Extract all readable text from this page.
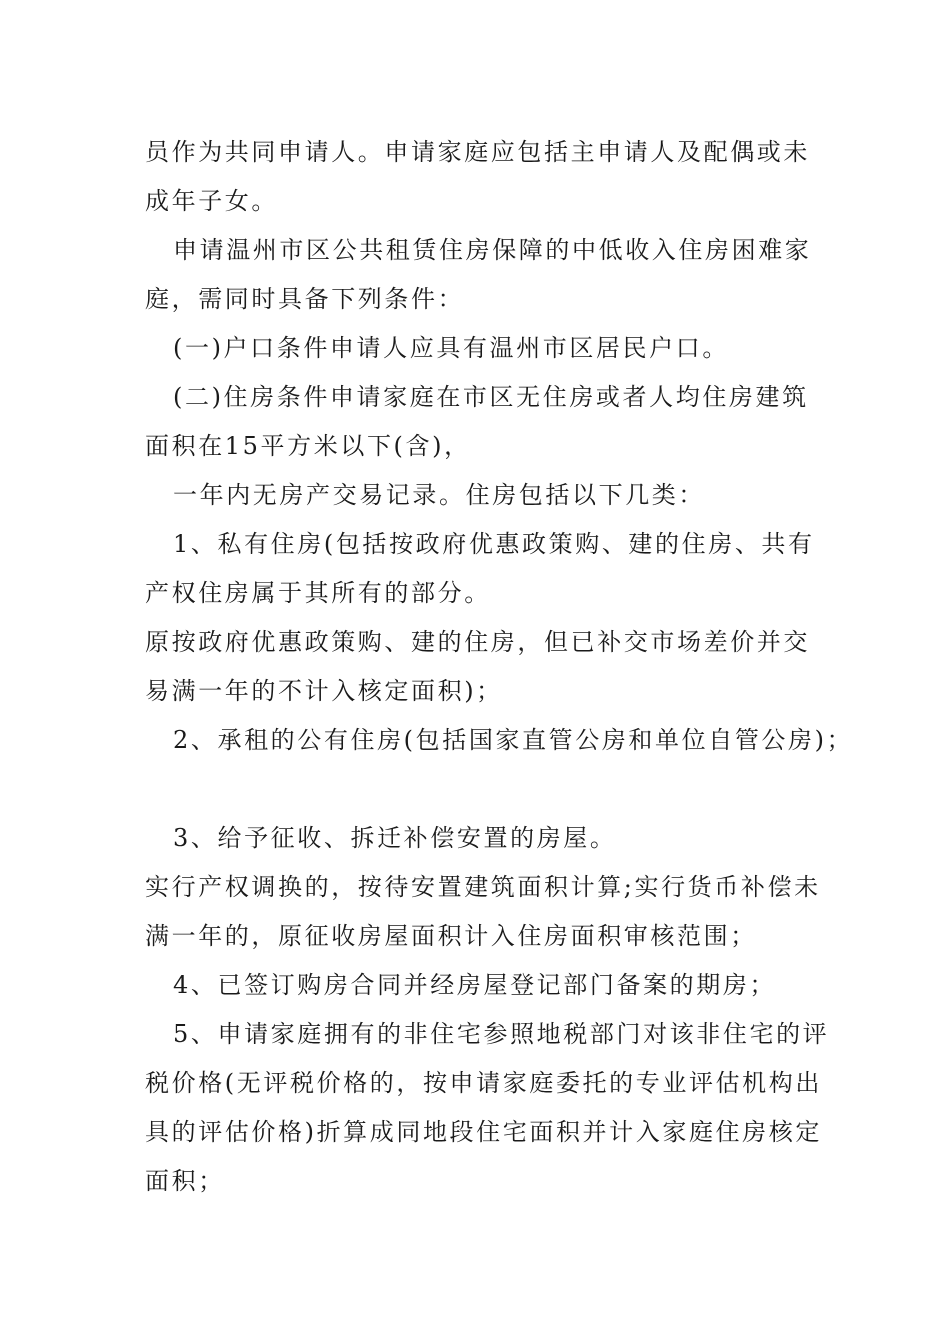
员作为共同申请人。申请家庭应包括主申请人及配偶或未
成年子女。
申请温州市区公共租赁住房保障的中低收入住房困难家
庭，需同时具备下列条件：
(一)户口条件申请人应具有温州市区居民户口。
(二)住房条件申请家庭在市区无住房或者人均住房建筑
面积在15平方米以下(含)，
一年内无房产交易记录。住房包括以下几类：
1、私有住房(包括按政府优惠政策购、建的住房、共有
产权住房属于其所有的部分。
原按政府优惠政策购、建的住房，但已补交市场差价并交
易满一年的不计入核定面积)；
2、承租的公有住房(包括国家直管公房和单位自管公房)；
3、给予征收、拆迁补偿安置的房屋。
实行产权调换的，按待安置建筑面积计算;实行货币补偿未
满一年的，原征收房屋面积计入住房面积审核范围；
4、已签订购房合同并经房屋登记部门备案的期房；
5、申请家庭拥有的非住宅参照地税部门对该非住宅的评
税价格(无评税价格的，按申请家庭委托的专业评估机构出
具的评估价格)折算成同地段住宅面积并计入家庭住房核定
面积；
